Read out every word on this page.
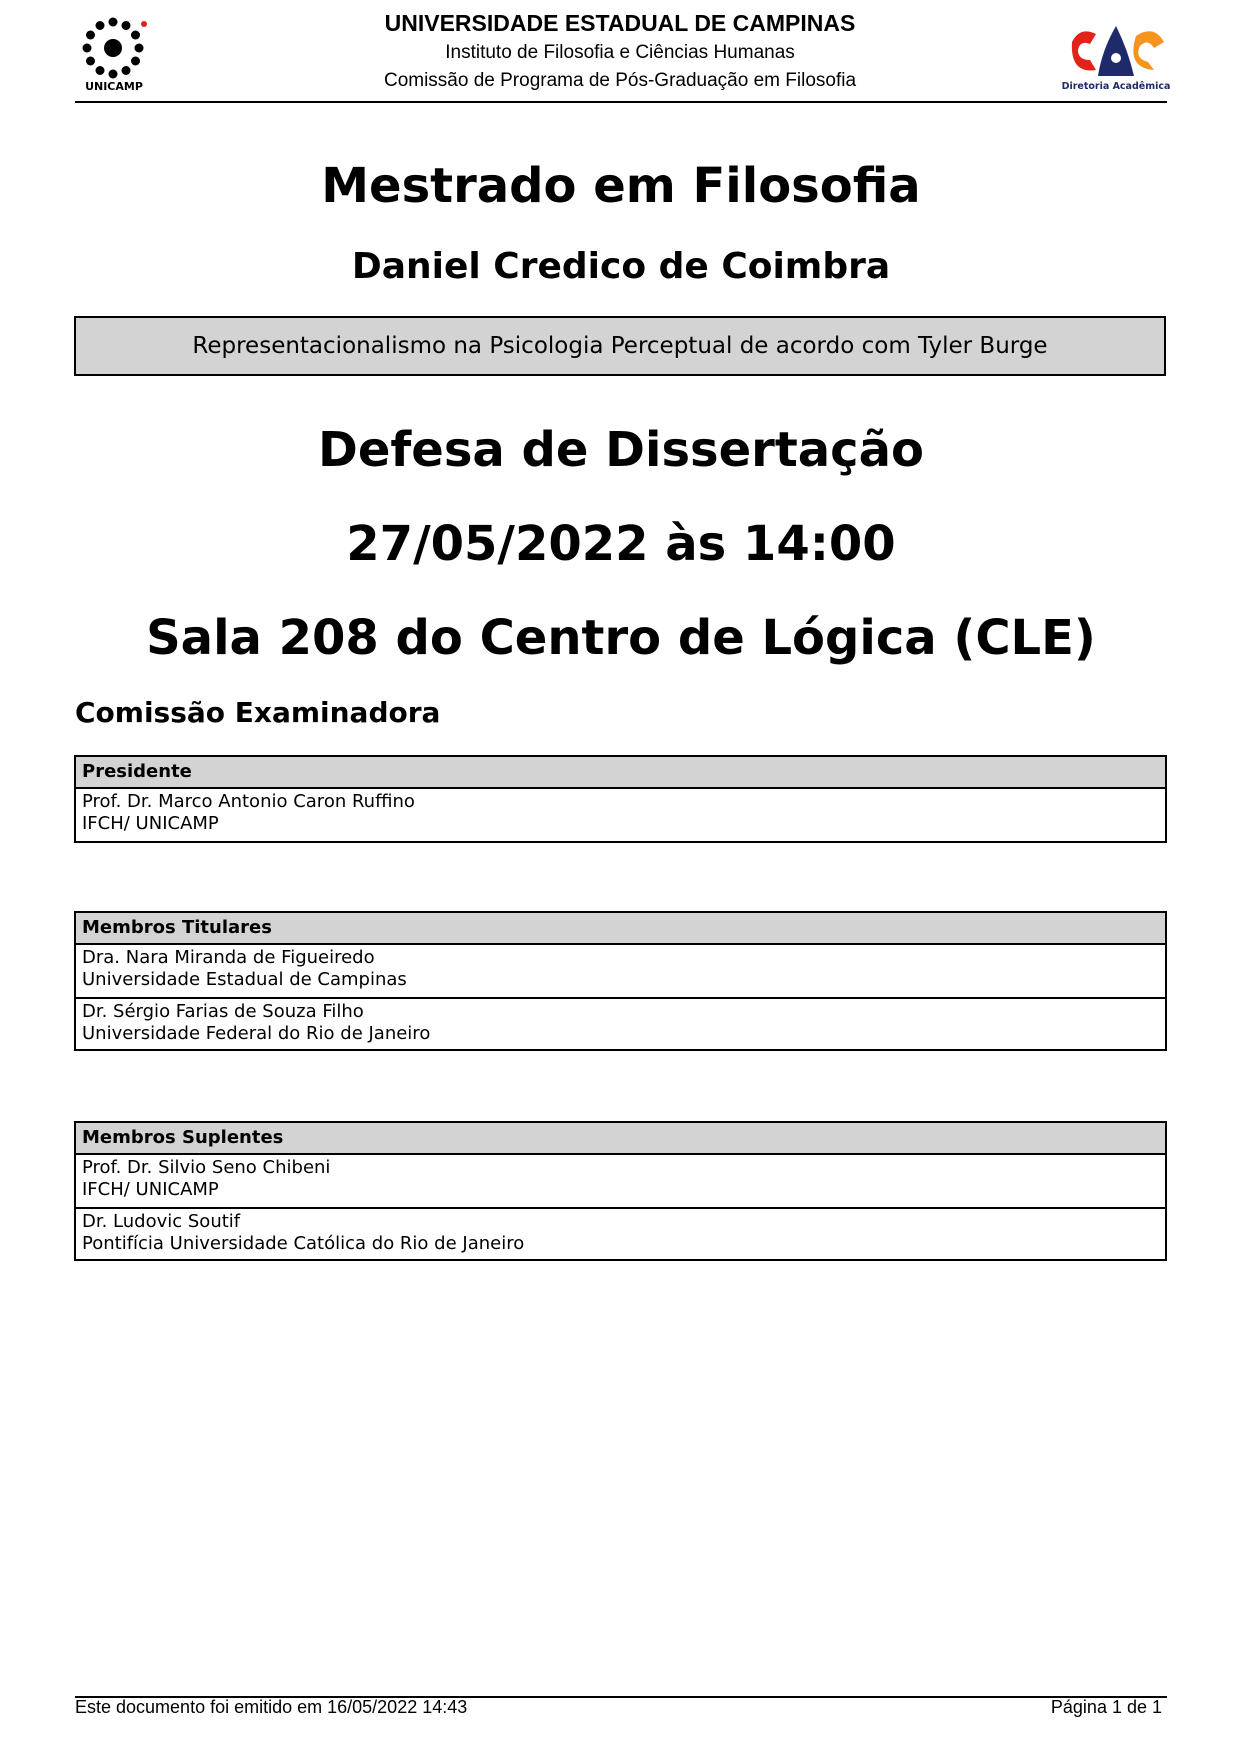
UNICAMP	Diretoria Acadêmica
UNIVERSIDADE ESTADUAL DE CAMPINAS
Instituto de Filosofia e Ciências Humanas
Comissão de Programa de Pós-Graduação em Filosofia
Mestrado em Filosofia
Daniel Credico de Coimbra
Representacionalismo na Psicologia Perceptual de acordo com Tyler Burge
Defesa de Dissertação
27/05/2022 às 14:00
Sala 208 do Centro de Lógica (CLE)
Comissão Examinadora
Presidente
Prof. Dr. Marco Antonio Caron Ruffino
IFCH/ UNICAMP
Membros Titulares
Dra. Nara Miranda de Figueiredo
Universidade Estadual de Campinas
Dr. Sérgio Farias de Souza Filho
Universidade Federal do Rio de Janeiro
Membros Suplentes
Prof. Dr. Silvio Seno Chibeni
IFCH/ UNICAMP
Dr. Ludovic Soutif
Pontifícia Universidade Católica do Rio de Janeiro
Este documento foi emitido em 16/05/2022 14:43	Página 1 de 1
